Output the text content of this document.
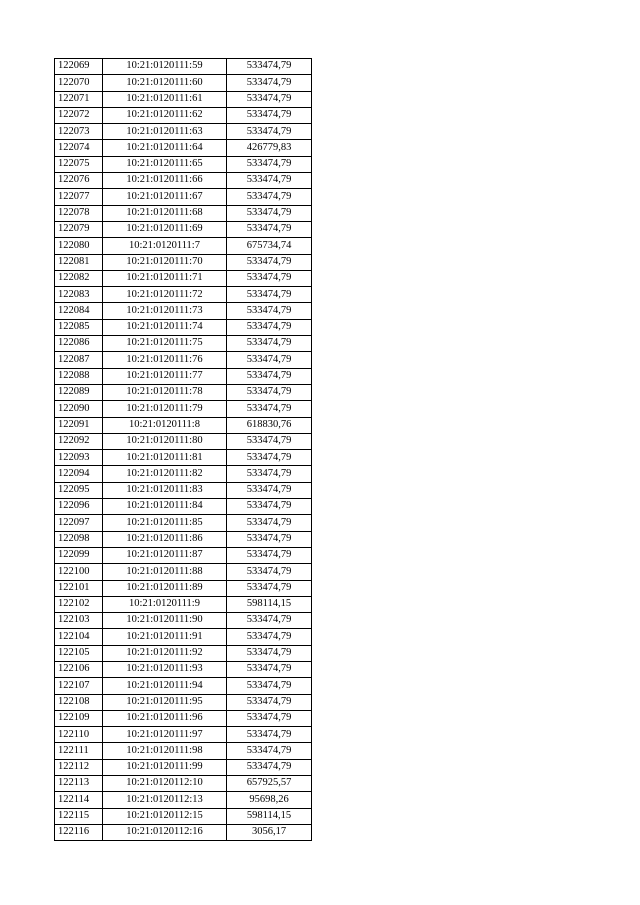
122069	10:21:0120111:59	533474,79
122070	10:21:0120111:60	533474,79
122071	10:21:0120111:61	533474,79
122072	10:21:0120111:62	533474,79
122073	10:21:0120111:63	533474,79
122074	10:21:0120111:64	426779,83
122075	10:21:0120111:65	533474,79
122076	10:21:0120111:66	533474,79
122077	10:21:0120111:67	533474,79
122078	10:21:0120111:68	533474,79
122079	10:21:0120111:69	533474,79
122080	10:21:0120111:7	675734,74
122081	10:21:0120111:70	533474,79
122082	10:21:0120111:71	533474,79
122083	10:21:0120111:72	533474,79
122084	10:21:0120111:73	533474,79
122085	10:21:0120111:74	533474,79
122086	10:21:0120111:75	533474,79
122087	10:21:0120111:76	533474,79
122088	10:21:0120111:77	533474,79
122089	10:21:0120111:78	533474,79
122090	10:21:0120111:79	533474,79
122091	10:21:0120111:8	618830,76
122092	10:21:0120111:80	533474,79
122093	10:21:0120111:81	533474,79
122094	10:21:0120111:82	533474,79
122095	10:21:0120111:83	533474,79
122096	10:21:0120111:84	533474,79
122097	10:21:0120111:85	533474,79
122098	10:21:0120111:86	533474,79
122099	10:21:0120111:87	533474,79
122100	10:21:0120111:88	533474,79
122101	10:21:0120111:89	533474,79
122102	10:21:0120111:9	598114,15
122103	10:21:0120111:90	533474,79
122104	10:21:0120111:91	533474,79
122105	10:21:0120111:92	533474,79
122106	10:21:0120111:93	533474,79
122107	10:21:0120111:94	533474,79
122108	10:21:0120111:95	533474,79
122109	10:21:0120111:96	533474,79
122110	10:21:0120111:97	533474,79
122111	10:21:0120111:98	533474,79
122112	10:21:0120111:99	533474,79
122113	10:21:0120112:10	657925,57
122114	10:21:0120112:13	95698,26
122115	10:21:0120112:15	598114,15
122116	10:21:0120112:16	3056,17
